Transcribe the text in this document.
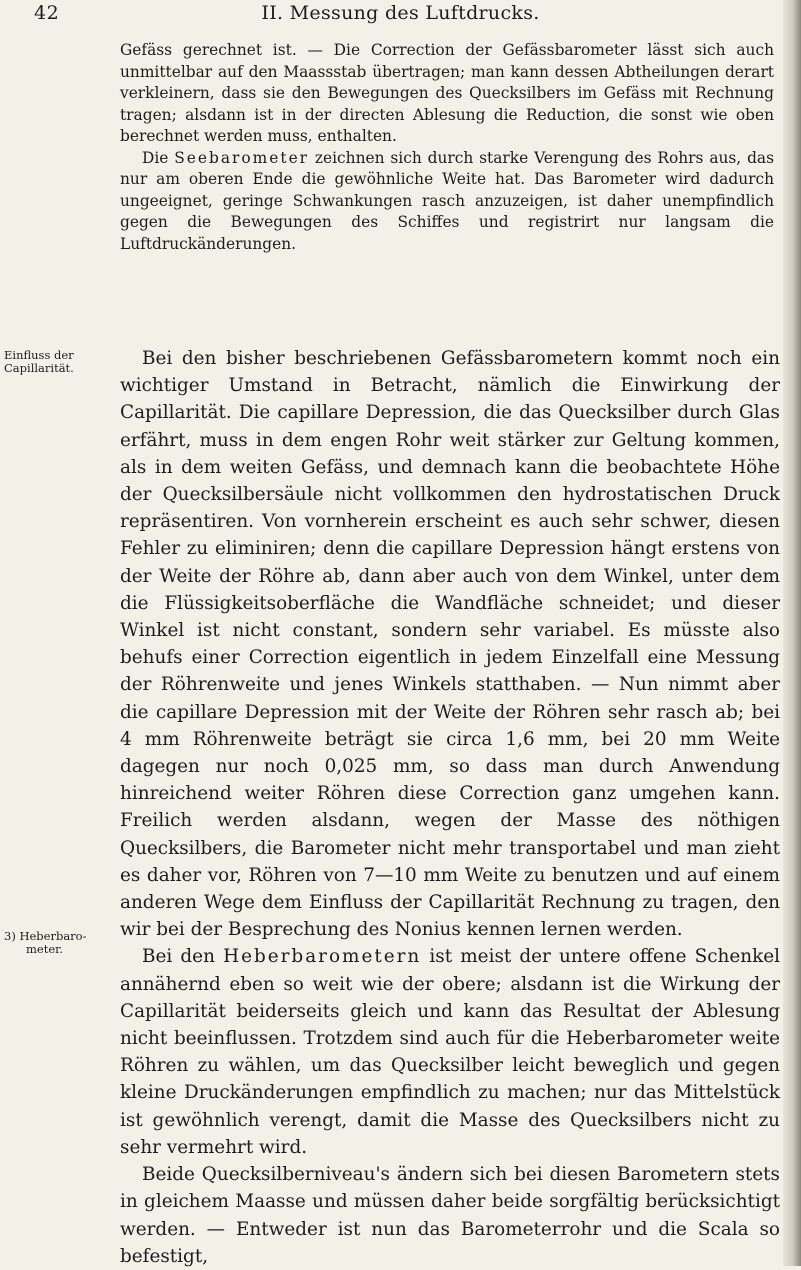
42	II. Messung des Luftdrucks.

Gefäss gerechnet ist. — Die Correction der Gefässbarometer lässt sich auch unmittelbar auf den Maassstab übertragen; man kann dessen Abtheilungen derart verkleinern, dass sie den Bewegungen des Quecksilbers im Gefäss mit Rechnung tragen; alsdann ist in der directen Ablesung die Reduction, die sonst wie oben berechnet werden muss, enthalten.

Die Seebarometer zeichnen sich durch starke Verengung des Rohrs aus, das nur am oberen Ende die gewöhnliche Weite hat. Das Barometer wird dadurch ungeeignet, geringe Schwankungen rasch anzuzeigen, ist daher unempfindlich gegen die Bewegungen des Schiffes und registrirt nur langsam die Luftdruckänderungen.

Einfluss der
Capillarität.
3) Heberbaro-
meter.

Bei den bisher beschriebenen Gefässbarometern kommt noch ein wichtiger Umstand in Betracht, nämlich die Einwirkung der Capillarität. Die capillare Depression, die das Quecksilber durch Glas erfährt, muss in dem engen Rohr weit stärker zur Geltung kommen, als in dem weiten Gefäss, und demnach kann die beobachtete Höhe der Quecksilbersäule nicht vollkommen den hydrostatischen Druck repräsentiren. Von vornherein erscheint es auch sehr schwer, diesen Fehler zu eliminiren; denn die capillare Depression hängt erstens von der Weite der Röhre ab, dann aber auch von dem Winkel, unter dem die Flüssigkeitsoberfläche die Wandfläche schneidet; und dieser Winkel ist nicht constant, sondern sehr variabel. Es müsste also behufs einer Correction eigentlich in jedem Einzelfall eine Messung der Röhrenweite und jenes Winkels statthaben. — Nun nimmt aber die capillare Depression mit der Weite der Röhren sehr rasch ab; bei 4 mm Röhrenweite beträgt sie circa 1,6 mm, bei 20 mm Weite dagegen nur noch 0,025 mm, so dass man durch Anwendung hinreichend weiter Röhren diese Correction ganz umgehen kann. Freilich werden alsdann, wegen der Masse des nöthigen Quecksilbers, die Barometer nicht mehr transportabel und man zieht es daher vor, Röhren von 7—10 mm Weite zu benutzen und auf einem anderen Wege dem Einfluss der Capillarität Rechnung zu tragen, den wir bei der Besprechung des Nonius kennen lernen werden.

Bei den Heberbarometern ist meist der untere offene Schenkel annähernd eben so weit wie der obere; alsdann ist die Wirkung der Capillarität beiderseits gleich und kann das Resultat der Ablesung nicht beeinflussen. Trotzdem sind auch für die Heberbarometer weite Röhren zu wählen, um das Quecksilber leicht beweglich und gegen kleine Druckänderungen empfindlich zu machen; nur das Mittelstück ist gewöhnlich verengt, damit die Masse des Quecksilbers nicht zu sehr vermehrt wird.

Beide Quecksilberniveau's ändern sich bei diesen Barometern stets in gleichem Maasse und müssen daher beide sorgfältig berücksichtigt werden. — Entweder ist nun das Barometerrohr und die Scala so befestigt,
